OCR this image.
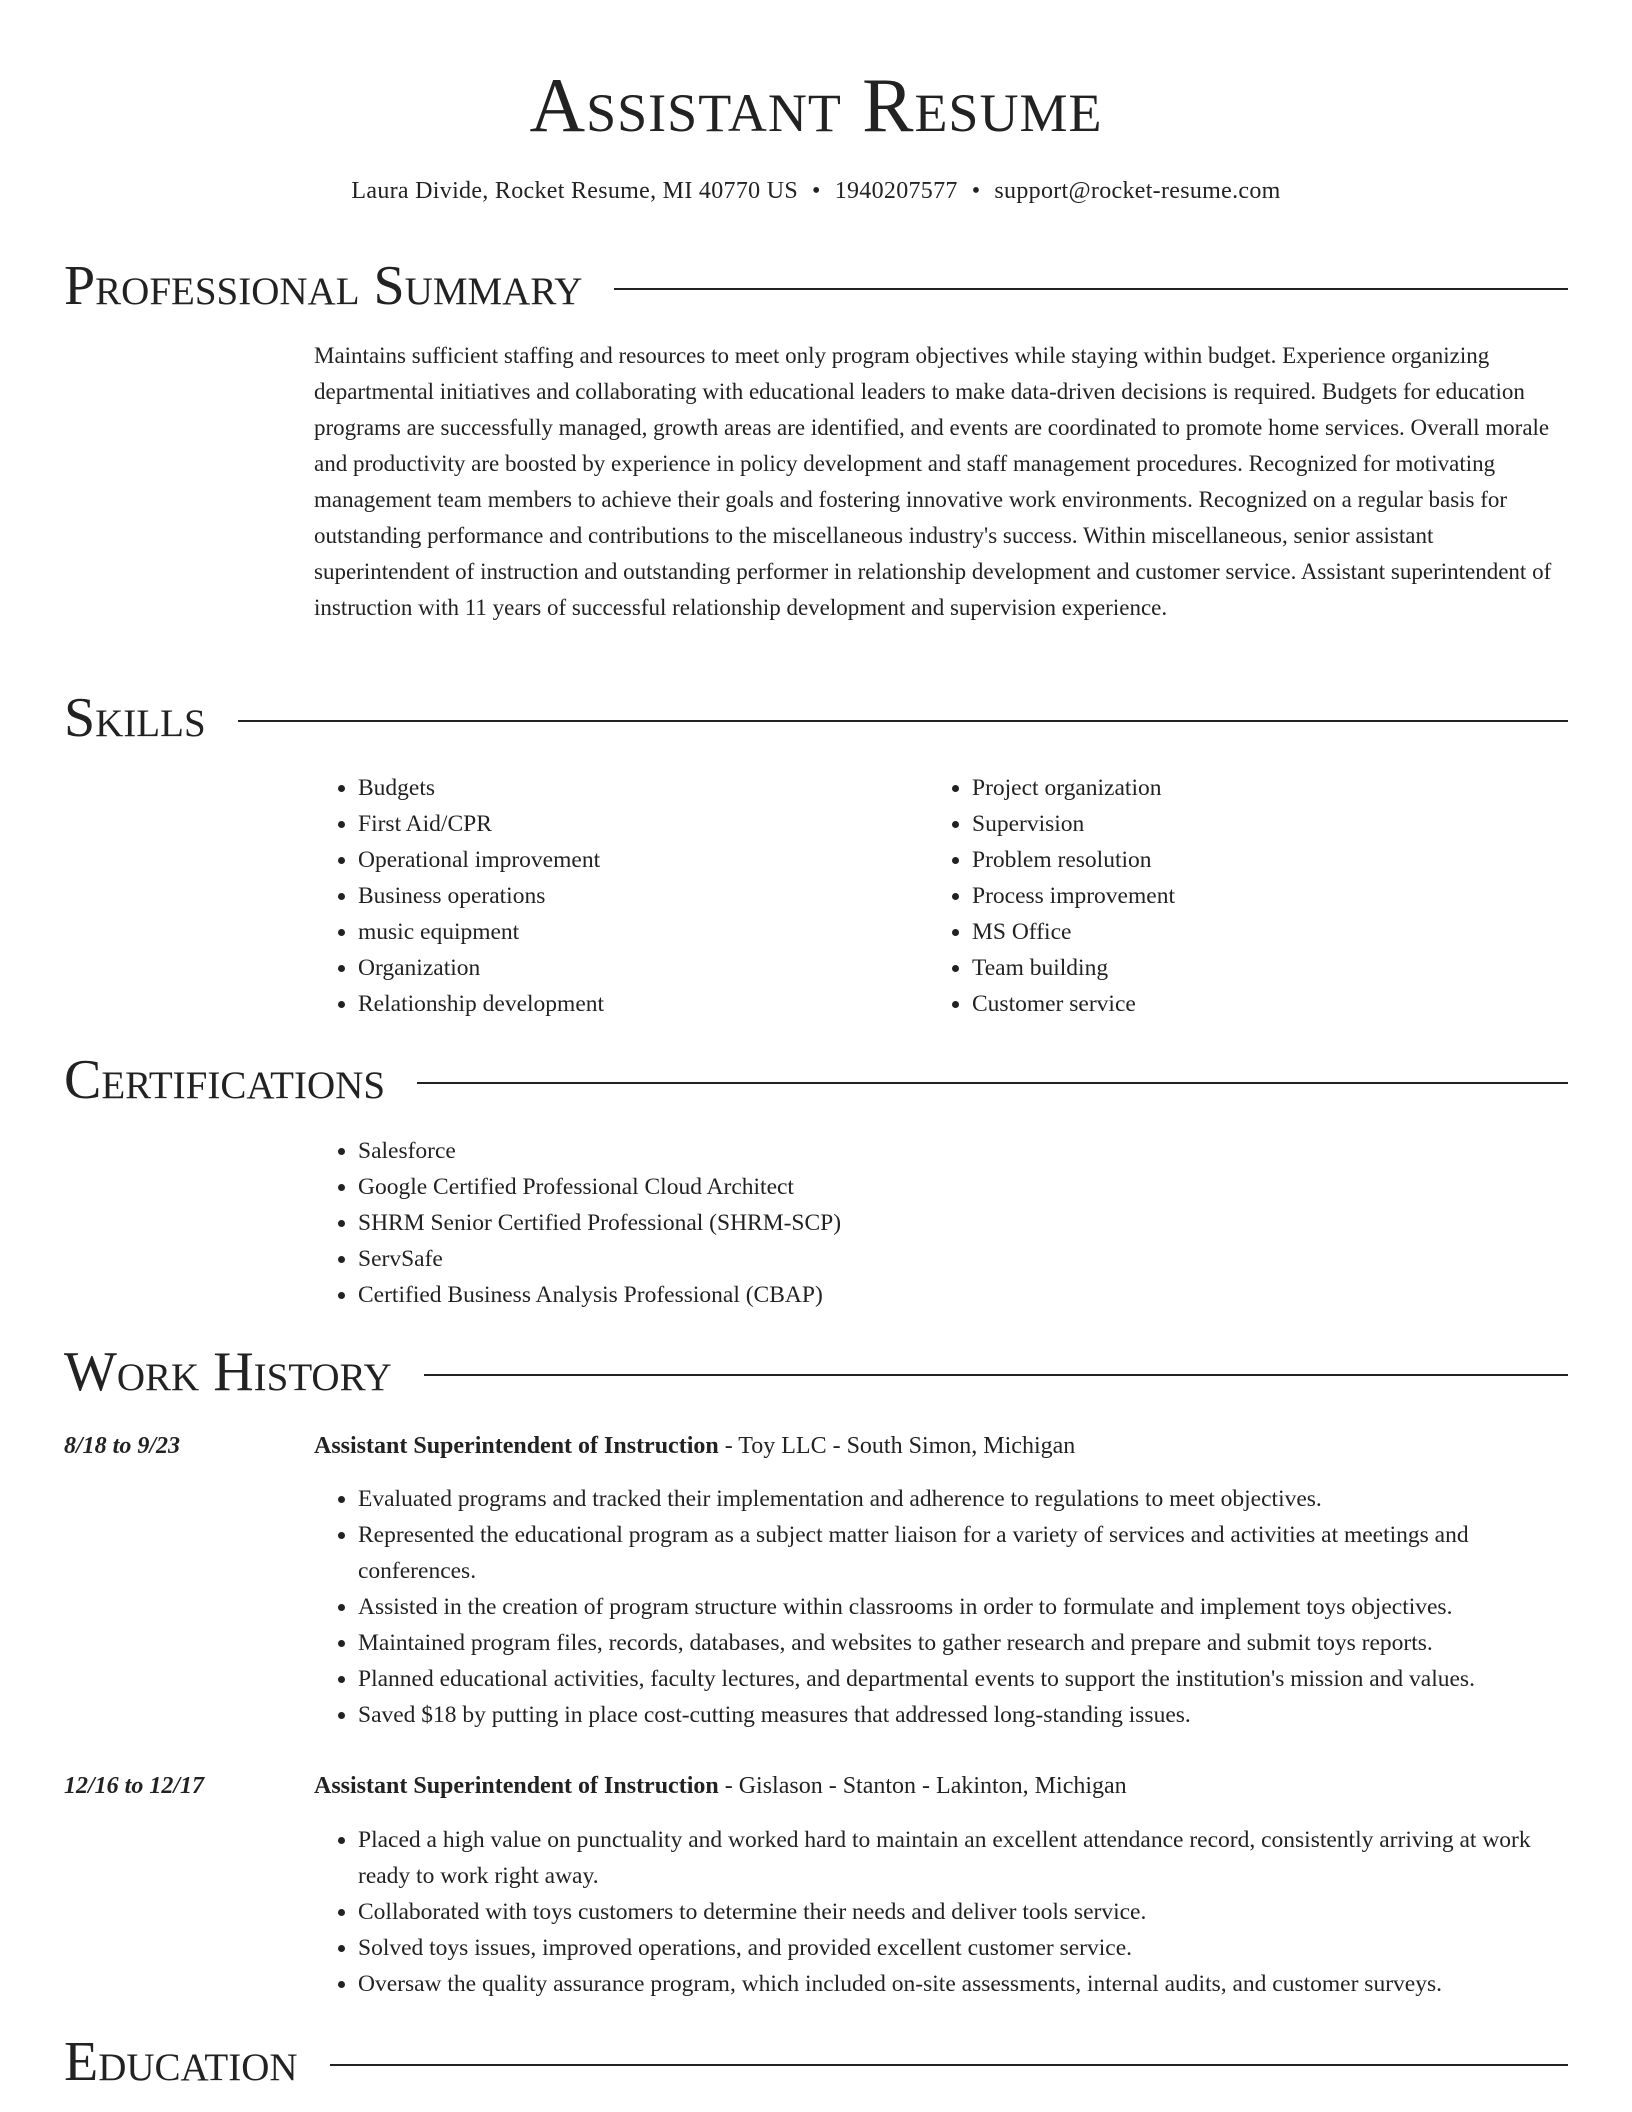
Assistant Resume
Laura Divide, Rocket Resume, MI 40770 US • 1940207577 • support@rocket-resume.com
Professional Summary

Maintains sufficient staffing and resources to meet only program objectives while staying within budget. Experience organizing departmental initiatives and collaborating with educational leaders to make data-driven decisions is required. Budgets for education programs are successfully managed, growth areas are identified, and events are coordinated to promote home services. Overall morale and productivity are boosted by experience in policy development and staff management procedures. Recognized for motivating management team members to achieve their goals and fostering innovative work environments. Recognized on a regular basis for outstanding performance and contributions to the miscellaneous industry's success. Within miscellaneous, senior assistant superintendent of instruction and outstanding performer in relationship development and customer service. Assistant superintendent of instruction with 11 years of successful relationship development and supervision experience.

Skills
• Budgets
• First Aid/CPR
• Operational improvement
• Business operations
• music equipment
• Organization
• Relationship development
• Project organization
• Supervision
• Problem resolution
• Process improvement
• MS Office
• Team building
• Customer service
Certifications
• Salesforce
• Google Certified Professional Cloud Architect
• SHRM Senior Certified Professional (SHRM-SCP)
• ServSafe
• Certified Business Analysis Professional (CBAP)
Work History
8/18 to 9/23	Assistant Superintendent of Instruction - Toy LLC - South Simon, Michigan
• Evaluated programs and tracked their implementation and adherence to regulations to meet objectives.
• Represented the educational program as a subject matter liaison for a variety of services and activities at meetings and conferences.
• Assisted in the creation of program structure within classrooms in order to formulate and implement toys objectives.
• Maintained program files, records, databases, and websites to gather research and prepare and submit toys reports.
• Planned educational activities, faculty lectures, and departmental events to support the institution's mission and values.
• Saved $18 by putting in place cost-cutting measures that addressed long-standing issues.
12/16 to 12/17	Assistant Superintendent of Instruction - Gislason - Stanton - Lakinton, Michigan
• Placed a high value on punctuality and worked hard to maintain an excellent attendance record, consistently arriving at work ready to work right away.
• Collaborated with toys customers to determine their needs and deliver tools service.
• Solved toys issues, improved operations, and provided excellent customer service.
• Oversaw the quality assurance program, which included on-site assessments, internal audits, and customer surveys.
Education
